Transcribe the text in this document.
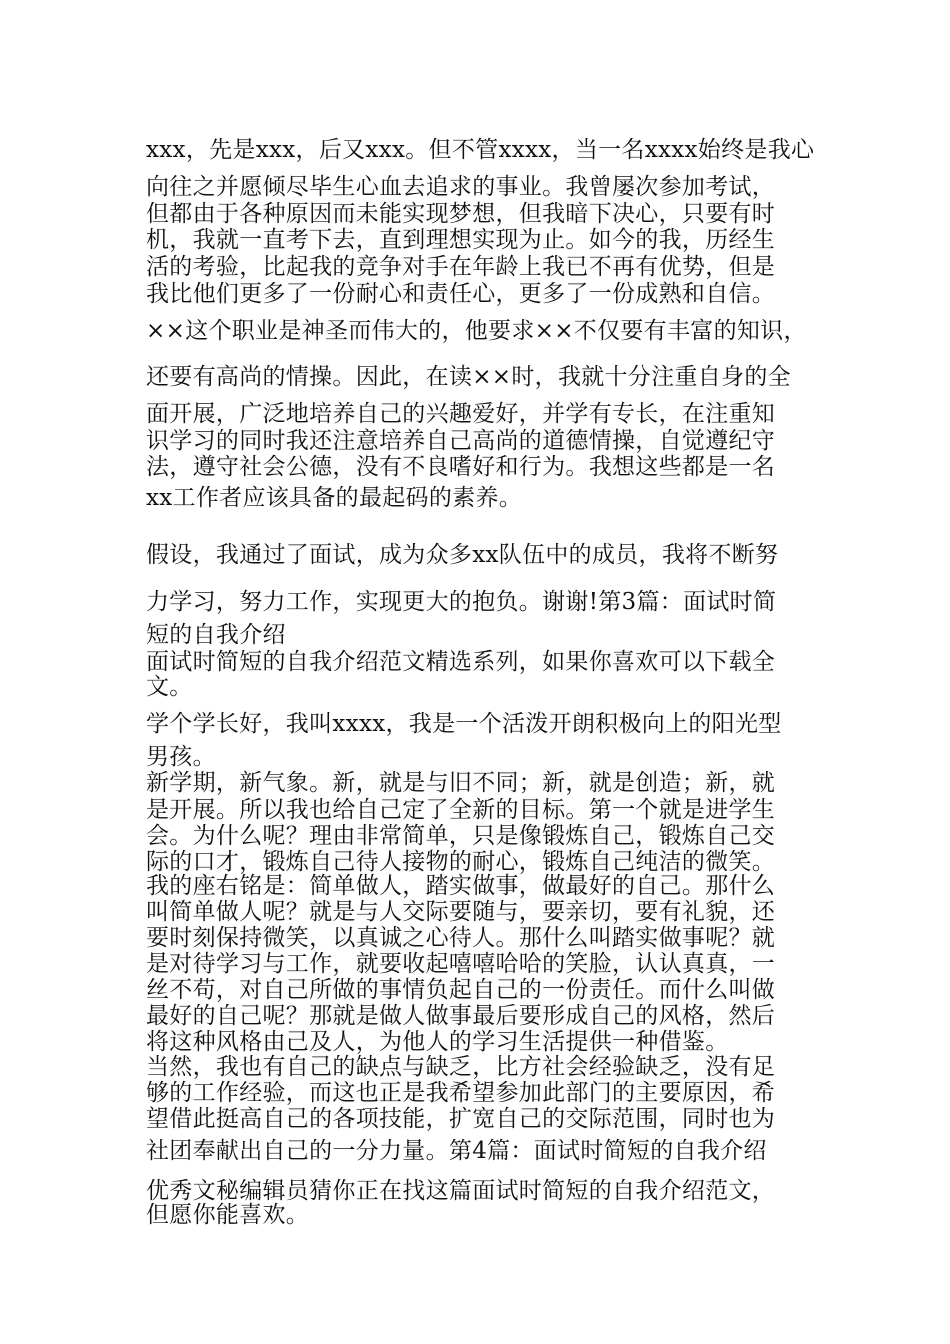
xxx，先是xxx，后又xxx。但不管xxxx，当一名xxxx始终是我心

向往之并愿倾尽毕生心血去追求的事业。我曾屡次参加考试，

但都由于各种原因而未能实现梦想，但我暗下决心，只要有时

机，我就一直考下去，直到理想实现为止。如今的我，历经生

活的考验，比起我的竞争对手在年龄上我已不再有优势，但是

我比他们更多了一份耐心和责任心，更多了一份成熟和自信。

××这个职业是神圣而伟大的，他要求××不仅要有丰富的知识，

还要有高尚的情操。因此，在读××时，我就十分注重自身的全

面开展，广泛地培养自己的兴趣爱好，并学有专长，在注重知

识学习的同时我还注意培养自己高尚的道德情操，自觉遵纪守

法，遵守社会公德，没有不良嗜好和行为。我想这些都是一名

xx工作者应该具备的最起码的素养。

假设，我通过了面试，成为众多xx队伍中的成员，我将不断努

力学习，努力工作，实现更大的抱负。谢谢!第3篇：面试时简

短的自我介绍

面试时简短的自我介绍范文精选系列，如果你喜欢可以下载全

文。

学个学长好，我叫xxxx，我是一个活泼开朗积极向上的阳光型

男孩。

新学期，新气象。新，就是与旧不同；新，就是创造；新，就

是开展。所以我也给自己定了全新的目标。第一个就是进学生

会。为什么呢？理由非常简单，只是像锻炼自己，锻炼自己交

际的口才，锻炼自己待人接物的耐心，锻炼自己纯洁的微笑。

我的座右铭是：简单做人，踏实做事，做最好的自己。那什么

叫简单做人呢？就是与人交际要随与，要亲切，要有礼貌，还

要时刻保持微笑，以真诚之心待人。那什么叫踏实做事呢？就

是对待学习与工作，就要收起嘻嘻哈哈的笑脸，认认真真，一

丝不苟，对自己所做的事情负起自己的一份责任。而什么叫做

最好的自己呢？那就是做人做事最后要形成自己的风格，然后

将这种风格由己及人，为他人的学习生活提供一种借鉴。

当然，我也有自己的缺点与缺乏，比方社会经验缺乏，没有足

够的工作经验，而这也正是我希望参加此部门的主要原因，希

望借此挺高自己的各项技能，扩宽自己的交际范围，同时也为

社团奉献出自己的一分力量。第4篇：面试时简短的自我介绍

优秀文秘编辑员猜你正在找这篇面试时简短的自我介绍范文，

但愿你能喜欢。
